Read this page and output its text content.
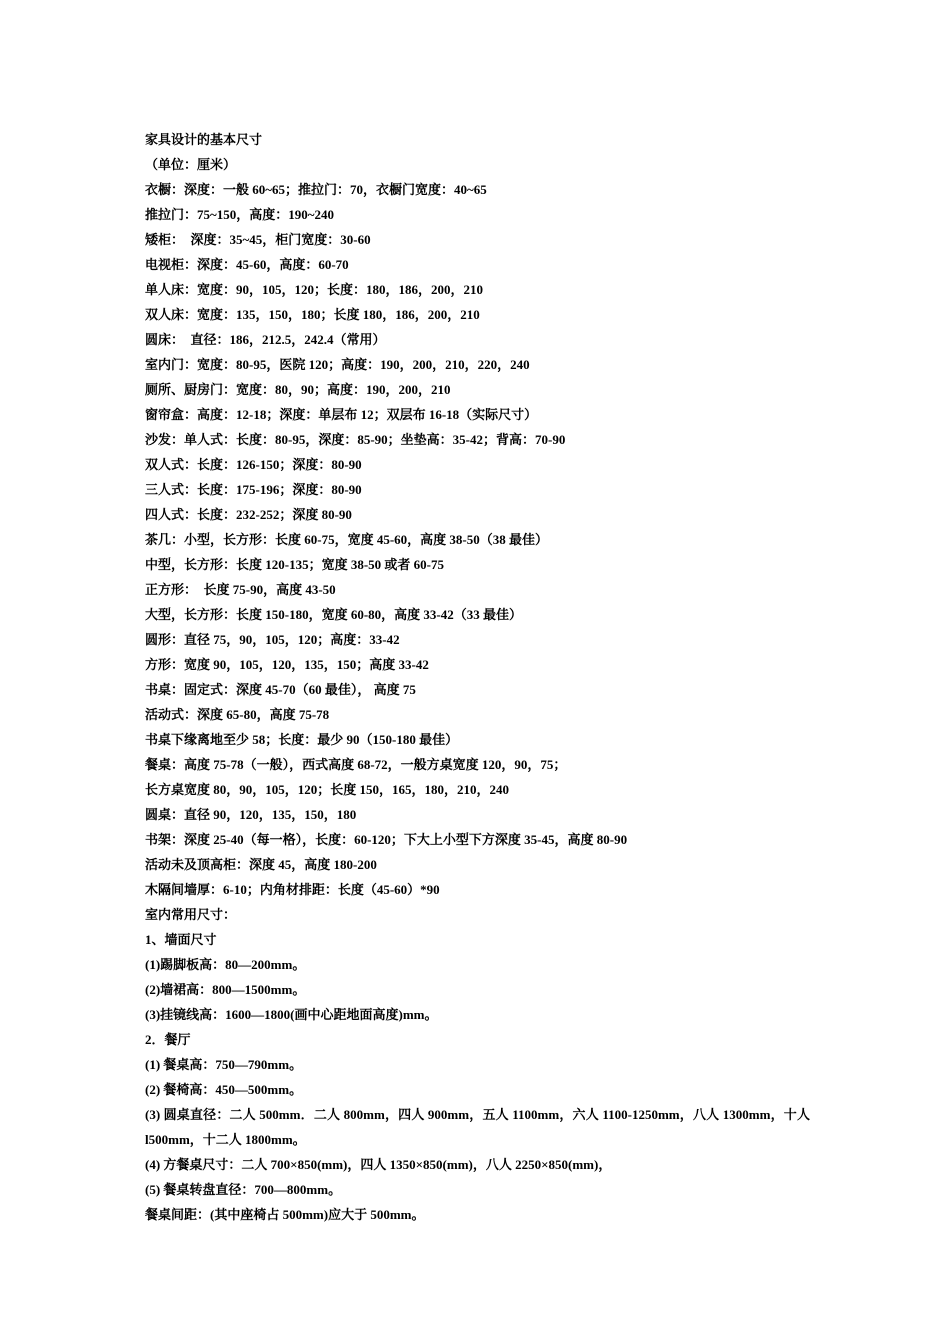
家具设计的基本尺寸
（单位：厘米）
衣橱：深度：一般 60~65；推拉门：70，衣橱门宽度：40~65
推拉门：75~150，高度：190~240
矮柜：　深度：35~45，柜门宽度：30-60
电视柜：深度：45-60，高度：60-70
单人床：宽度：90，105，120；长度：180，186，200，210
双人床：宽度：135，150，180；长度 180，186，200，210
圆床：　直径：186，212.5，242.4（常用）
室内门：宽度：80-95，医院 120；高度：190，200，210，220，240
厕所、厨房门：宽度：80，90；高度：190，200，210
窗帘盒：高度：12-18；深度：单层布 12；双层布 16-18（实际尺寸）
沙发：单人式：长度：80-95，深度：85-90；坐垫高：35-42；背高：70-90
双人式：长度：126-150；深度：80-90
三人式：长度：175-196；深度：80-90
四人式：长度：232-252；深度 80-90
茶几：小型，长方形：长度 60-75，宽度 45-60，高度 38-50（38 最佳）
中型，长方形：长度 120-135；宽度 38-50 或者 60-75
正方形：　长度 75-90，高度 43-50
大型，长方形：长度 150-180，宽度 60-80，高度 33-42（33 最佳）
圆形：直径 75，90，105，120；高度：33-42
方形：宽度 90，105，120，135，150；高度 33-42
书桌：固定式：深度 45-70（60 最佳）， 高度 75
活动式：深度 65-80，高度 75-78
书桌下缘离地至少 58；长度：最少 90（150-180 最佳）
餐桌：高度 75-78（一般），西式高度 68-72，一般方桌宽度 120，90，75；
长方桌宽度 80，90，105，120；长度 150，165，180，210，240
圆桌：直径 90，120，135，150，180
书架：深度 25-40（每一格），长度：60-120；下大上小型下方深度 35-45，高度 80-90
活动未及顶高柜：深度 45，高度 180-200
木隔间墙厚：6-10；内角材排距：长度（45-60）*90
室内常用尺寸：
1、墙面尺寸
(1)踢脚板高：80—200mm。
(2)墙裙高：800—1500mm。
(3)挂镜线高：1600—1800(画中心距地面高度)mm。
2．餐厅
(1) 餐桌高：750—790mm。
(2) 餐椅高：450—500mm。
(3) 圆桌直径：二人 500mm．二人 800mm，四人 900mm，五人 1100mm，六人 1100-1250mm，八人 1300mm，十人 l500mm，十二人 1800mm。
(4) 方餐桌尺寸：二人 700×850(mm)，四人 1350×850(mm)，八人 2250×850(mm)，
(5) 餐桌转盘直径：700—800mm。
餐桌间距：(其中座椅占 500mm)应大于 500mm。
